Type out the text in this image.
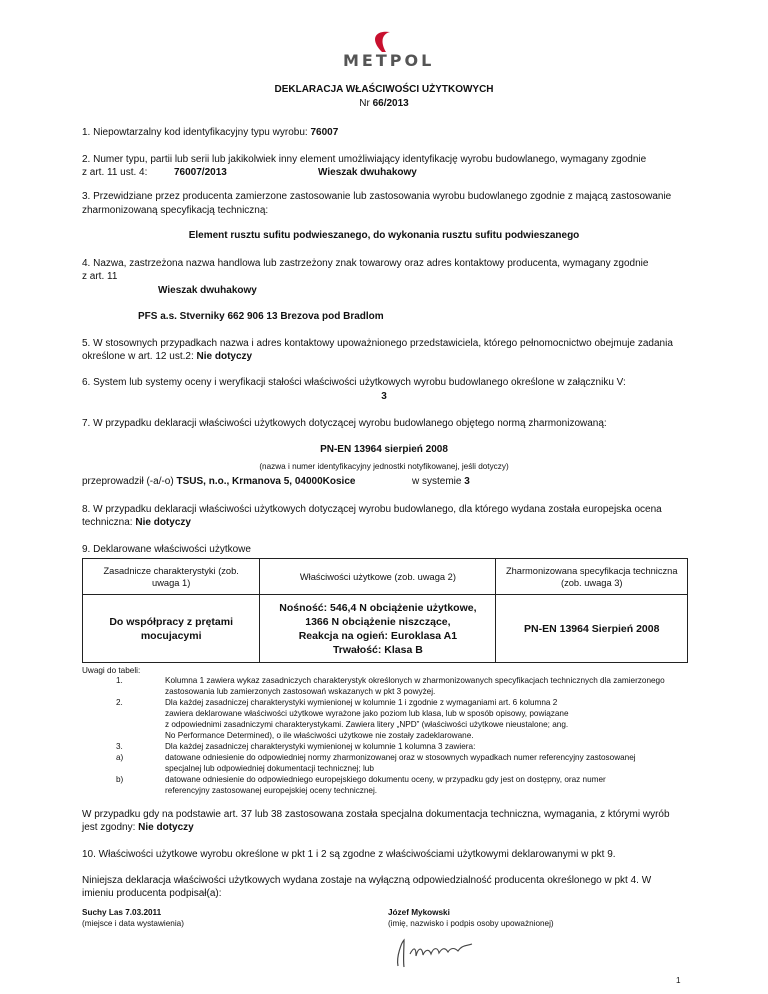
METPOL
DEKLARACJA WŁAŚCIWOŚCI UŻYTKOWYCH
Nr 66/2013
1. Niepowtarzalny kod identyfikacyjny typu wyrobu: 76007
2. Numer typu, partii lub serii lub jakikolwiek inny element umożliwiający identyfikację wyrobu budowlanego, wymagany zgodnie
z art. 11 ust. 4:	76007/2013	Wieszak dwuhakowy
3. Przewidziane przez producenta zamierzone zastosowanie lub zastosowania wyrobu budowlanego zgodnie z mającą zastosowanie
zharmonizowaną specyfikacją techniczną:
Element rusztu sufitu podwieszanego, do wykonania rusztu sufitu podwieszanego
4. Nazwa, zastrzeżona nazwa handlowa lub zastrzeżony znak towarowy oraz adres kontaktowy producenta, wymagany zgodnie
z art. 11
Wieszak dwuhakowy
PFS a.s. Stverniky 662 906 13 Brezova pod Bradlom
5. W stosownych przypadkach nazwa i adres kontaktowy upoważnionego przedstawiciela, którego pełnomocnictwo obejmuje zadania
określone w art. 12 ust.2: Nie dotyczy
6. System lub systemy oceny i weryfikacji stałości właściwości użytkowych wyrobu budowlanego określone w załączniku V:
3
7. W przypadku deklaracji właściwości użytkowych dotyczącej wyrobu budowlanego objętego normą zharmonizowaną:
PN-EN 13964 sierpień 2008
(nazwa i numer identyfikacyjny jednostki notyfikowanej, jeśli dotyczy)
przeprowadził (-a/-o) TSUS, n.o., Krmanova 5, 04000Kosice	w systemie 3
8. W przypadku deklaracji właściwości użytkowych dotyczącej wyrobu budowlanego, dla którego wydana została europejska ocena
techniczna: Nie dotyczy
9. Deklarowane właściwości użytkowe
Zasadnicze charakterystyki (zob. uwaga 1)	Właściwości użytkowe (zob. uwaga 2)	Zharmonizowana specyfikacja techniczna (zob. uwaga 3)
Do współpracy z prętami mocujacymi	Nośność: 546,4 N obciążenie użytkowe,
1366 N obciążenie niszczące,
Reakcja na ogień: Euroklasa A1
Trwałość: Klasa B	PN-EN 13964 Sierpień 2008
Uwagi do tabeli:
1.	Kolumna 1 zawiera wykaz zasadniczych charakterystyk określonych w zharmonizowanych specyfikacjach technicznych dla zamierzonego
zastosowania lub zamierzonych zastosowań wskazanych w pkt 3 powyżej.
2.	Dla każdej zasadniczej charakterystyki wymienionej w kolumnie 1 i zgodnie z wymaganiami art. 6 kolumna 2
zawiera deklarowane właściwości użytkowe wyrażone jako poziom lub klasa, lub w sposób opisowy, powiązane
z odpowiednimi zasadniczymi charakterystykami. Zawiera litery „NPD” (właściwości użytkowe nieustalone; ang.
No Performance Determined), o ile właściwości użytkowe nie zostały zadeklarowane.
3.	Dla każdej zasadniczej charakterystyki wymienionej w kolumnie 1 kolumna 3 zawiera:
a)	datowane odniesienie do odpowiedniej normy zharmonizowanej oraz w stosownych wypadkach numer referencyjny zastosowanej
specjalnej lub odpowiedniej dokumentacji technicznej; lub
b)	datowane odniesienie do odpowiedniego europejskiego dokumentu oceny, w przypadku gdy jest on dostępny, oraz numer
referencyjny zastosowanej europejskiej oceny technicznej.
W przypadku gdy na podstawie art. 37 lub 38 zastosowana została specjalna dokumentacja techniczna, wymagania, z którymi wyrób
jest zgodny: Nie dotyczy
10. Właściwości użytkowe wyrobu określone w pkt 1 i 2 są zgodne z właściwościami użytkowymi deklarowanymi w pkt 9.
Niniejsza deklaracja właściwości użytkowych wydana zostaje na wyłączną odpowiedzialność producenta określonego w pkt 4. W
imieniu producenta podpisał(a):
Suchy Las 7.03.2011
(miejsce i data wystawienia)
Józef Mykowski
(imię, nazwisko i podpis osoby upoważnionej)
1
